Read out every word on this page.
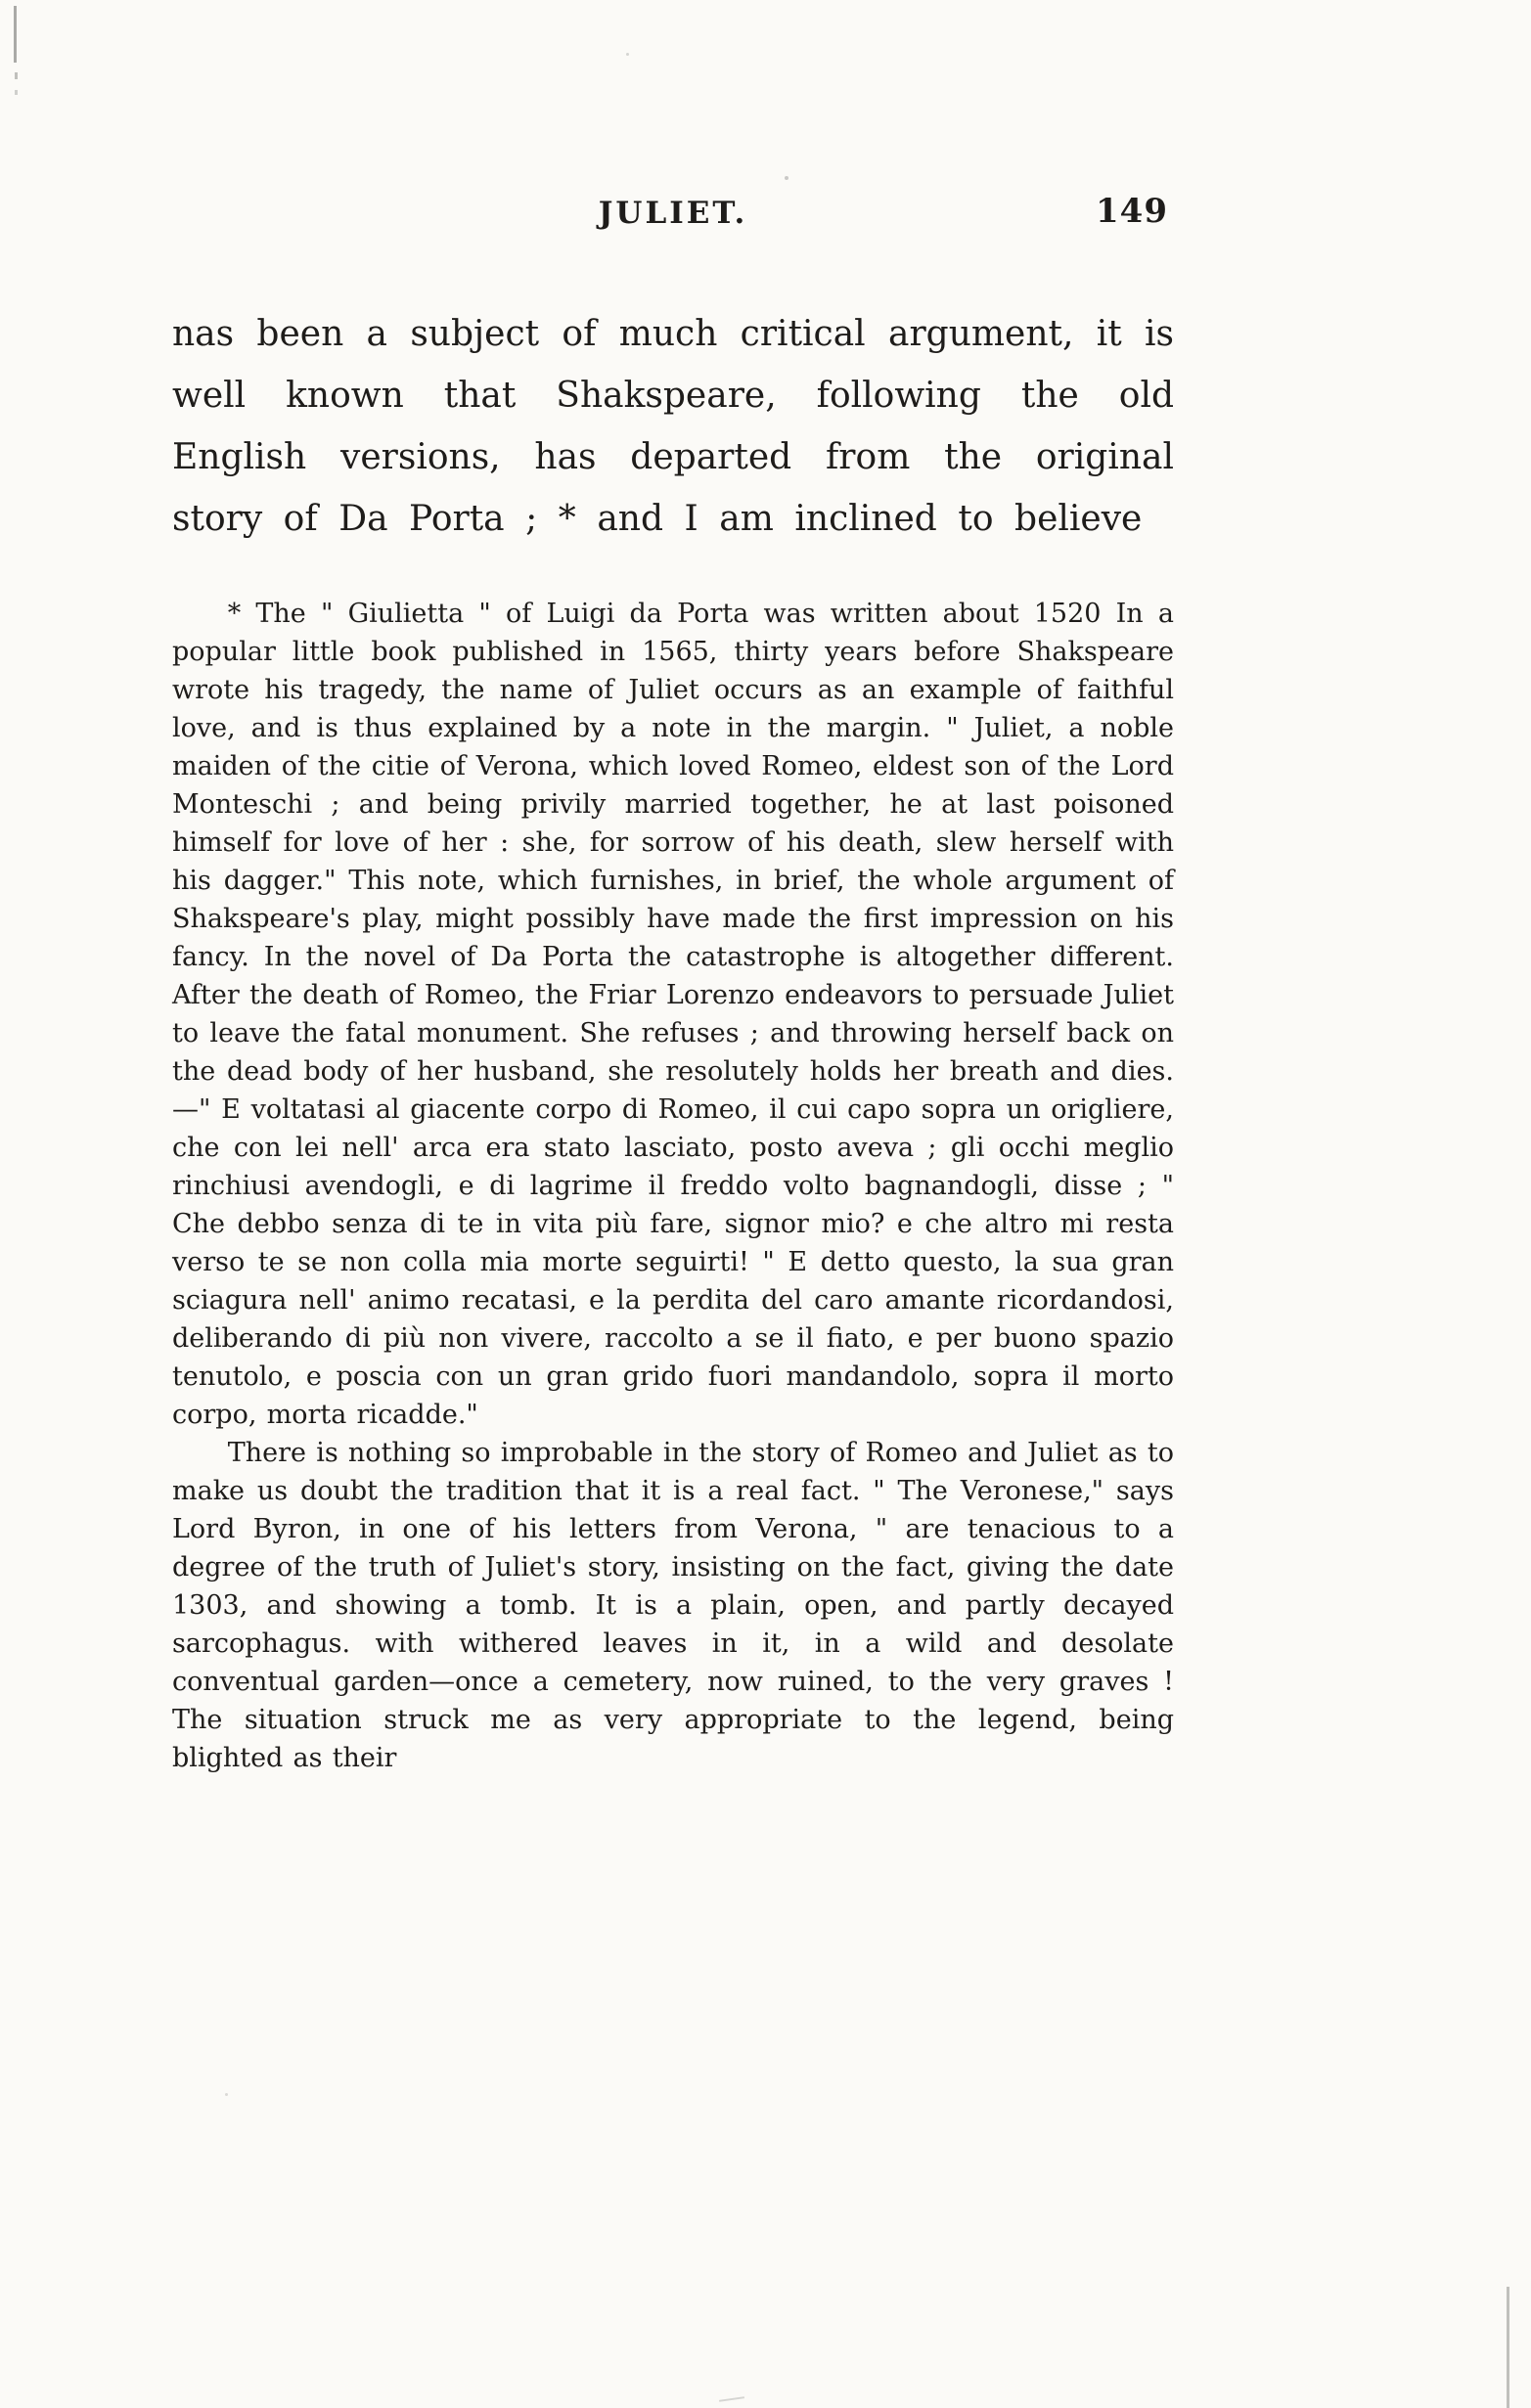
JULIET.	149

nas been a subject of much critical argument, it is well known that Shakspeare, following the old English versions, has departed from the original story of Da Porta ; * and I am inclined to believe

* The " Giulietta " of Luigi da Porta was written about 1520 In a popular little book published in 1565, thirty years before Shakspeare wrote his tragedy, the name of Juliet occurs as an example of faithful love, and is thus explained by a note in the margin. " Juliet, a noble maiden of the citie of Verona, which loved Romeo, eldest son of the Lord Monteschi ; and being privily married together, he at last poisoned himself for love of her : she, for sorrow of his death, slew herself with his dagger." This note, which furnishes, in brief, the whole argument of Shakspeare's play, might possibly have made the first impression on his fancy. In the novel of Da Porta the catastrophe is altogether different. After the death of Romeo, the Friar Lorenzo endeavors to persuade Juliet to leave the fatal monument. She refuses ; and throwing herself back on the dead body of her husband, she resolutely holds her breath and dies.—" E voltatasi al giacente corpo di Romeo, il cui capo sopra un origliere, che con lei nell' arca era stato lasciato, posto aveva ; gli occhi meglio rinchiusi avendogli, e di lagrime il freddo volto bagnandogli, disse ; " Che debbo senza di te in vita più fare, signor mio? e che altro mi resta verso te se non colla mia morte seguirti! " E detto questo, la sua gran sciagura nell' animo recatasi, e la perdita del caro amante ricordandosi, deliberando di più non vivere, raccolto a se il fiato, e per buono spazio tenutolo, e poscia con un gran grido fuori mandandolo, sopra il morto corpo, morta ricadde."

There is nothing so improbable in the story of Romeo and Juliet as to make us doubt the tradition that it is a real fact. " The Veronese," says Lord Byron, in one of his letters from Verona, " are tenacious to a degree of the truth of Juliet's story, insisting on the fact, giving the date 1303, and showing a tomb. It is a plain, open, and partly decayed sarcophagus. with withered leaves in it, in a wild and desolate conventual garden—once a cemetery, now ruined, to the very graves ! The situation struck me as very appropriate to the legend, being blighted as their
